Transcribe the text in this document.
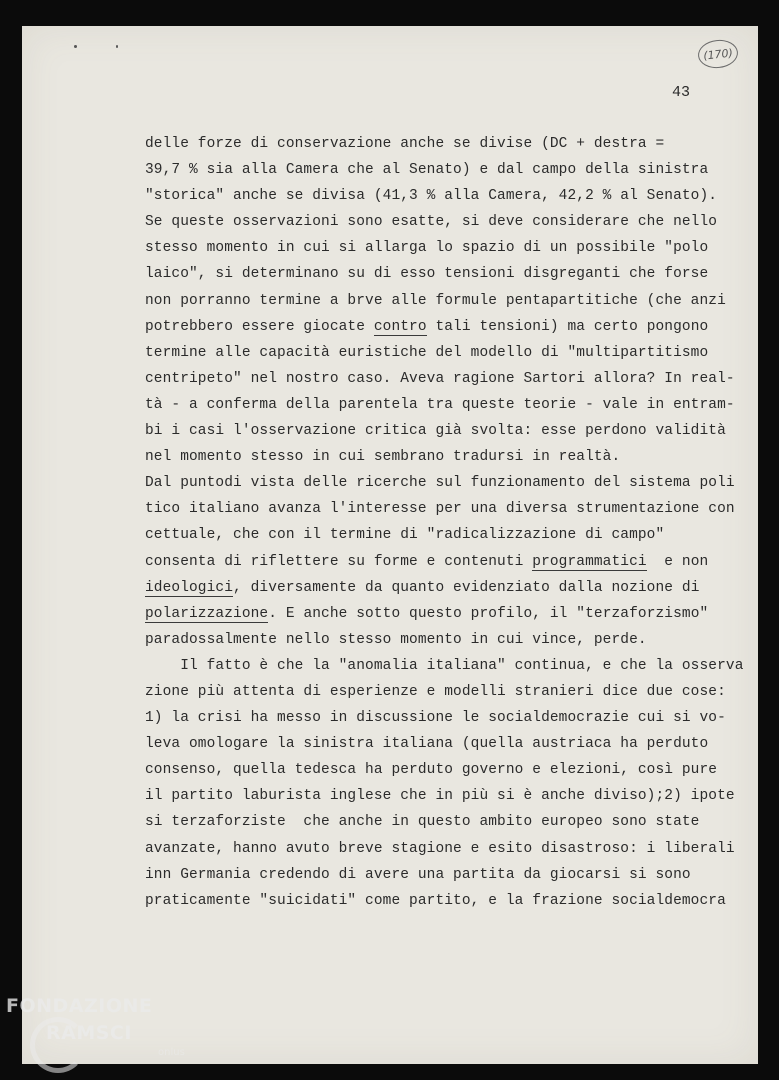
(170)
43
delle forze di conservazione anche se divise (DC + destra =
39,7 % sia alla Camera che al Senato) e dal campo della sinistra
"storica" anche se divisa (41,3 % alla Camera, 42,2 % al Senato).
Se queste osservazioni sono esatte, si deve considerare che nello
stesso momento in cui si allarga lo spazio di un possibile "polo
laico", si determinano su di esso tensioni disgreganti che forse
non porranno termine a brve alle formule pentapartitiche (che anzi
potrebbero essere giocate contro tali tensioni) ma certo pongono
termine alle capacità euristiche del modello di "multipartitismo
centripeto" nel nostro caso. Aveva ragione Sartori allora? In real-
tà - a conferma della parentela tra queste teorie - vale in entram-
bi i casi l'osservazione critica già svolta: esse perdono validità
nel momento stesso in cui sembrano tradursi in realtà.
Dal puntodi vista delle ricerche sul funzionamento del sistema poli
tico italiano avanza l'interesse per una diversa strumentazione con
cettuale, che con il termine di "radicalizzazione di campo"
consenta di riflettere su forme e contenuti programmatici  e non
ideologici, diversamente da quanto evidenziato dalla nozione di
polarizzazione. E anche sotto questo profilo, il "terzaforzismo"
paradossalmente nello stesso momento in cui vince, perde.
Il fatto è che la "anomalia italiana" continua, e che la osserva
zione più attenta di esperienze e modelli stranieri dice due cose:
1) la crisi ha messo in discussione le socialdemocrazie cui si vo-
leva omologare la sinistra italiana (quella austriaca ha perduto
consenso, quella tedesca ha perduto governo e elezioni, così pure
il partito laburista inglese che in più si è anche diviso);2) ipote
si terzaforziste  che anche in questo ambito europeo sono state
avanzate, hanno avuto breve stagione e esito disastroso: i liberali
inn Germania credendo di avere una partita da giocarsi si sono
praticamente "suicidati" come partito, e la frazione socialdemocra
FONDAZIONE
RAMSCI
onlus
